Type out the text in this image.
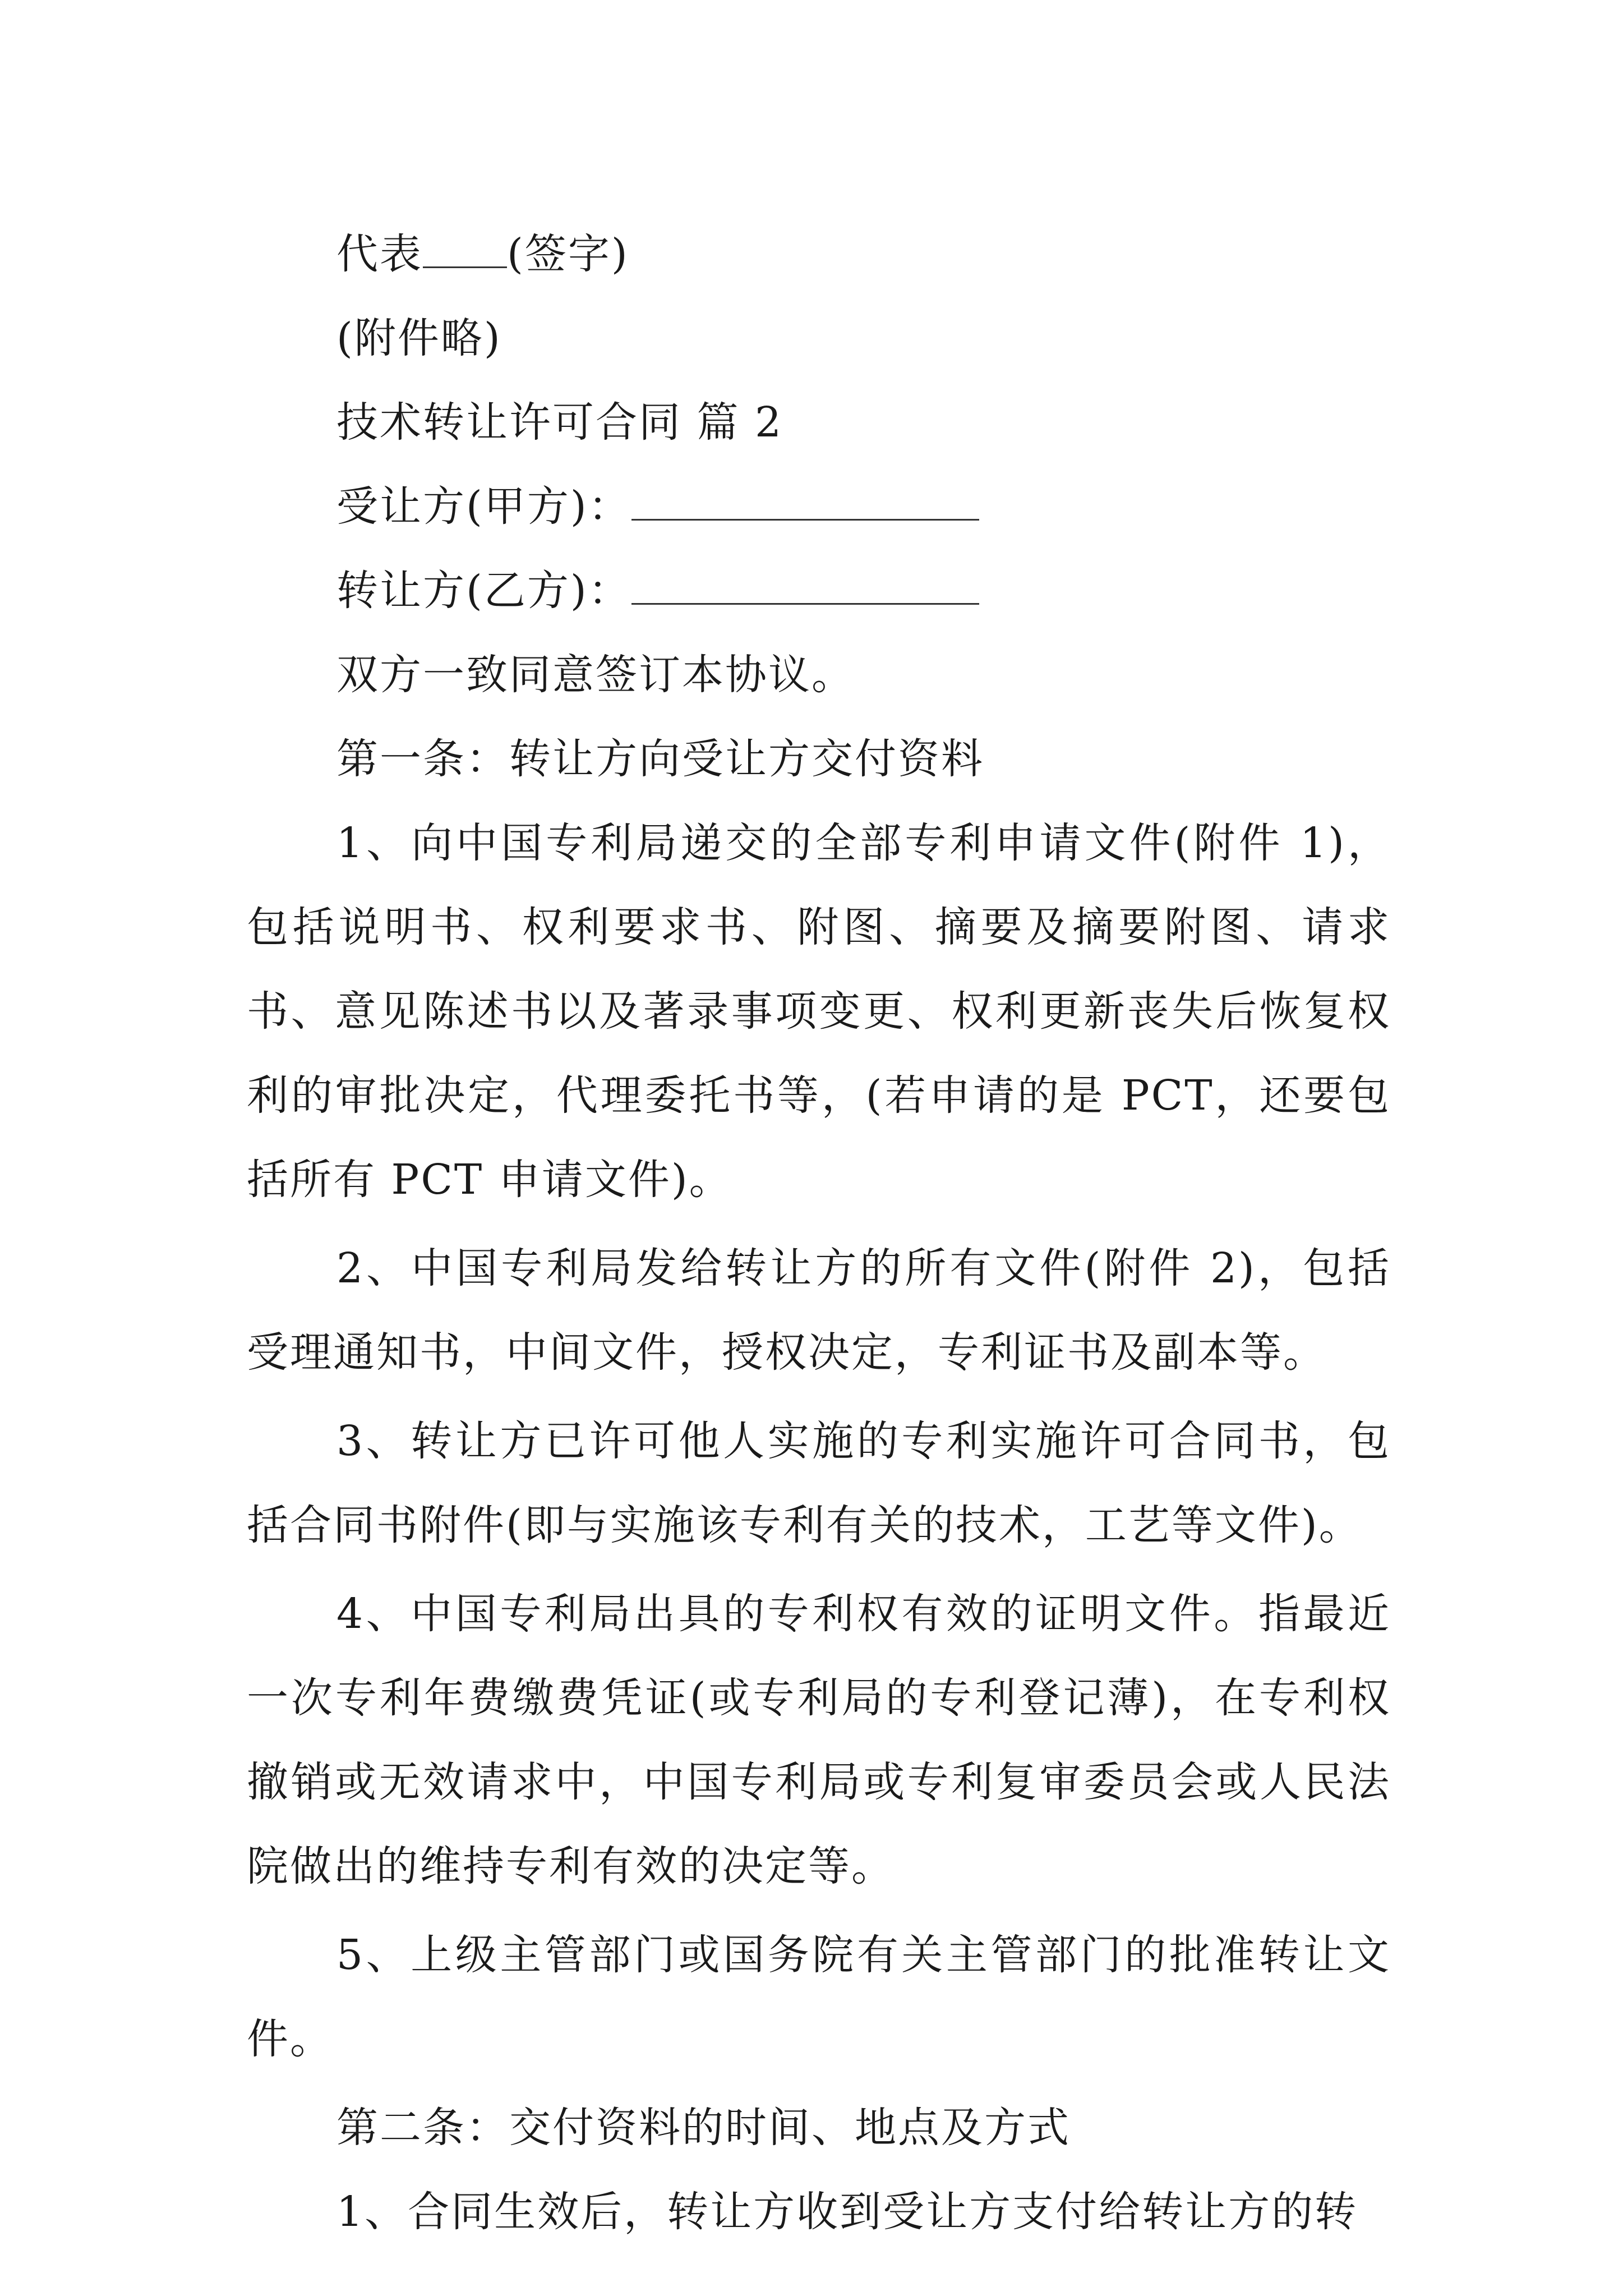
代表 (签字)
(附件略)
技术转让许可合同 篇 2
受让方(甲方)：
转让方(乙方)：
双方一致同意签订本协议。
第一条：转让方向受让方交付资料

1、向中国专利局递交的全部专利申请文件(附件 1)，包括说明书、权利要求书、附图、摘要及摘要附图、请求书、意见陈述书以及著录事项变更、权利更新丧失后恢复权利的审批决定，代理委托书等，(若申请的是 PCT，还要包括所有 PCT 申请文件)。

2、中国专利局发给转让方的所有文件(附件 2)，包括受理通知书，中间文件，授权决定，专利证书及副本等。

3、转让方已许可他人实施的专利实施许可合同书，包括合同书附件(即与实施该专利有关的技术，工艺等文件)。

4、中国专利局出具的专利权有效的证明文件。指最近一次专利年费缴费凭证(或专利局的专利登记薄)，在专利权撤销或无效请求中，中国专利局或专利复审委员会或人民法院做出的维持专利有效的决定等。

5、上级主管部门或国务院有关主管部门的批准转让文件。

第二条：交付资料的时间、地点及方式

1、合同生效后，转让方收到受让方支付给转让方的转
